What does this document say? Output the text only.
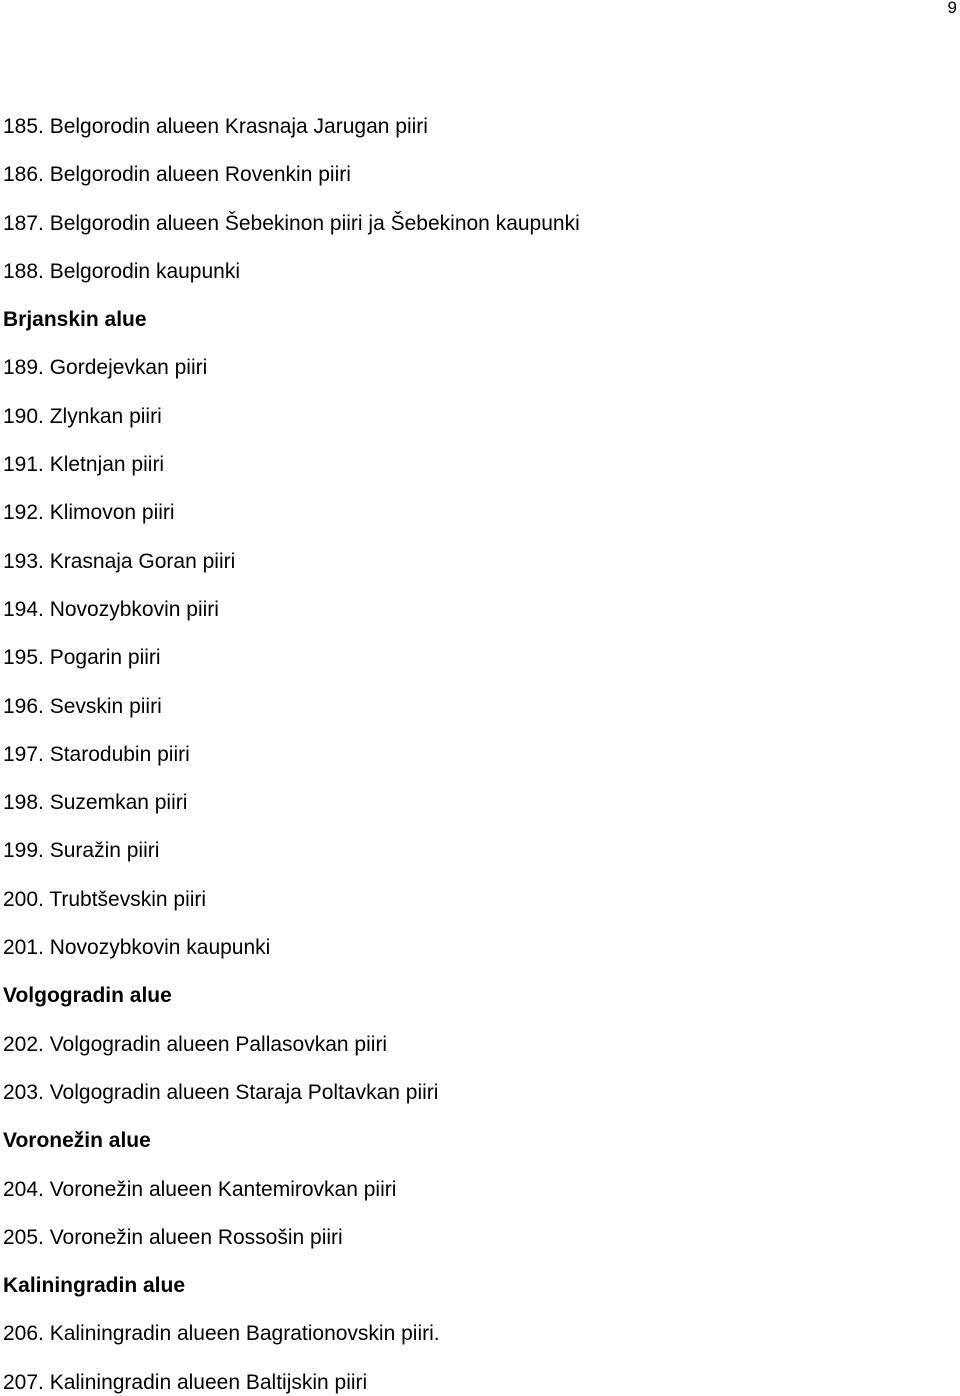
9
185. Belgorodin alueen Krasnaja Jarugan piiri
186. Belgorodin alueen Rovenkin piiri
187. Belgorodin alueen Šebekinon piiri ja Šebekinon kaupunki
188. Belgorodin kaupunki
Brjanskin alue
189. Gordejevkan piiri
190. Zlynkan piiri
191. Kletnjan piiri
192. Klimovon piiri
193. Krasnaja Goran piiri
194. Novozybkovin piiri
195. Pogarin piiri
196. Sevskin piiri
197. Starodubin piiri
198. Suzemkan piiri
199. Suražin piiri
200. Trubtševskin piiri
201. Novozybkovin kaupunki
Volgogradin alue
202. Volgogradin alueen Pallasovkan piiri
203. Volgogradin alueen Staraja Poltavkan piiri
Voronežin alue
204. Voronežin alueen Kantemirovkan piiri
205. Voronežin alueen Rossošin piiri
Kaliningradin alue
206. Kaliningradin alueen Bagrationovskin piiri.
207. Kaliningradin alueen Baltijskin piiri
